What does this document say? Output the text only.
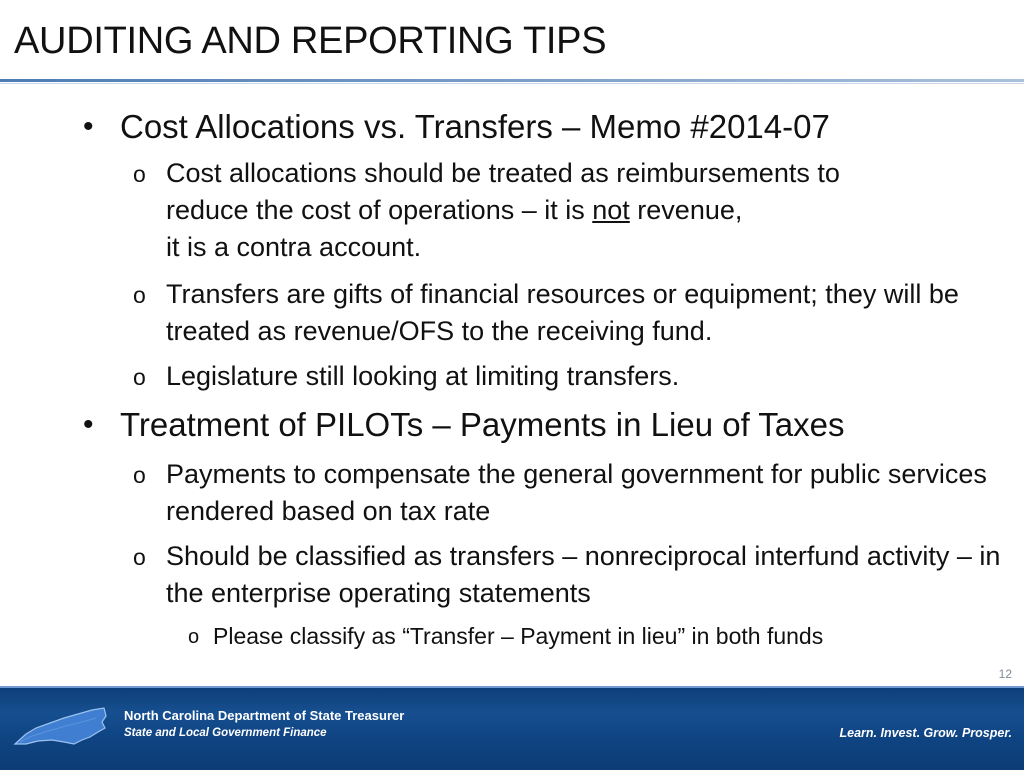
AUDITING AND REPORTING TIPS
• Cost Allocations vs. Transfers – Memo #2014-07
o Cost allocations should be treated as reimbursements to
reduce the cost of operations – it is not revenue,
it is a contra account.
o Transfers are gifts of financial resources or equipment; they will be treated as revenue/OFS to the receiving fund.
o Legislature still looking at limiting transfers.
• Treatment of PILOTs – Payments in Lieu of Taxes
o Payments to compensate the general government for public services rendered based on tax rate
o Should be classified as transfers – nonreciprocal interfund activity – in the enterprise operating statements
o Please classify as “Transfer – Payment in lieu” in both funds
12
North Carolina Department of State Treasurer
State and Local Government Finance	Learn. Invest. Grow. Prosper.
